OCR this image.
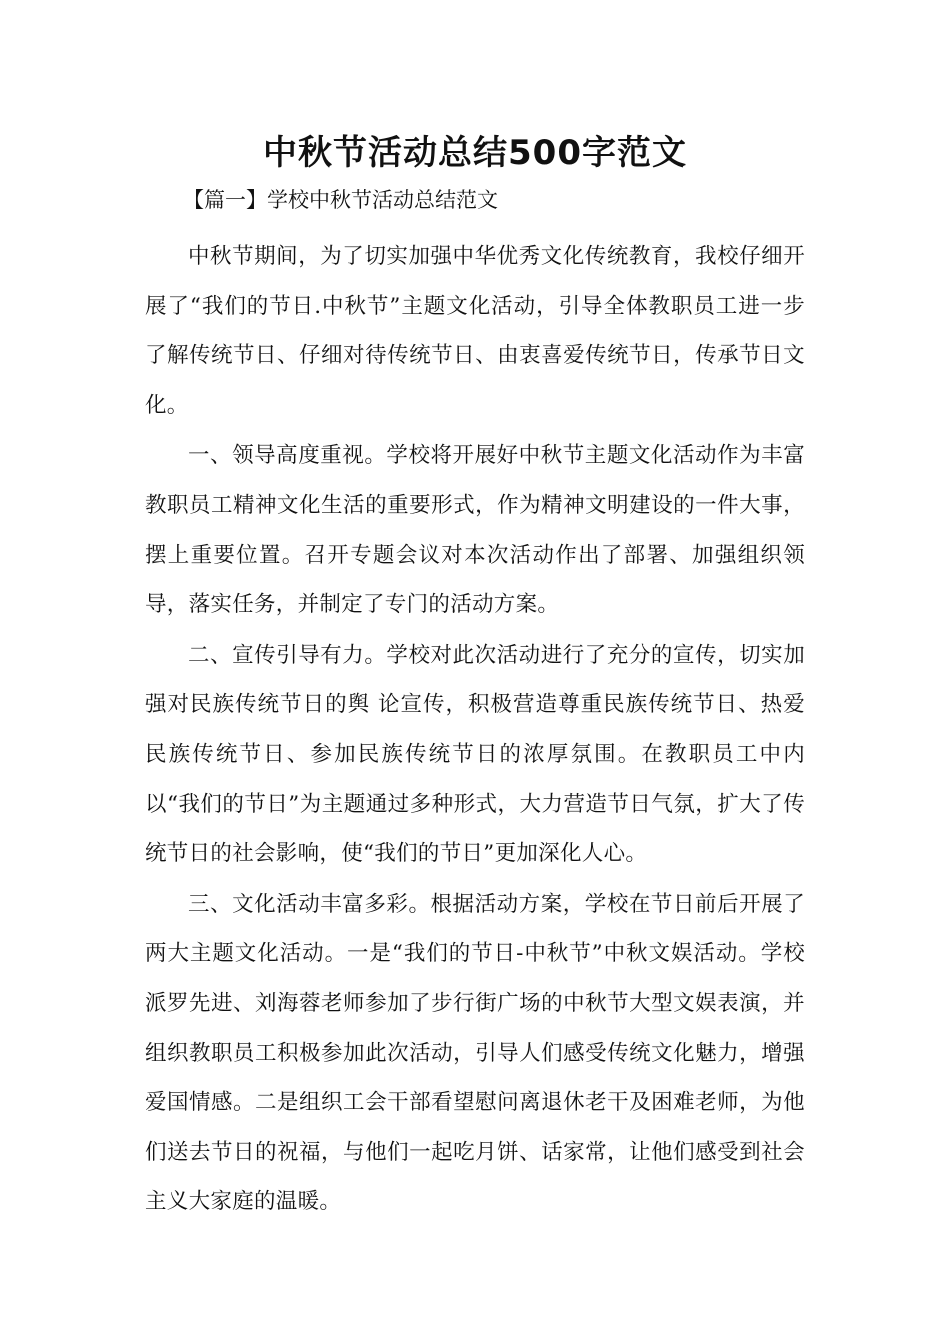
中秋节活动总结500字范文

【篇一】学校中秋节活动总结范文

中秋节期间，为了切实加强中华优秀文化传统教育，我校仔细开展了“我们的节日.中秋节”主题文化活动，引导全体教职员工进一步了解传统节日、仔细对待传统节日、由衷喜爱传统节日，传承节日文化。

一、领导高度重视。学校将开展好中秋节主题文化活动作为丰富教职员工精神文化生活的重要形式，作为精神文明建设的一件大事，摆上重要位置。召开专题会议对本次活动作出了部署、加强组织领导，落实任务，并制定了专门的活动方案。

二、宣传引导有力。学校对此次活动进行了充分的宣传，切实加强对民族传统节日的舆 论宣传，积极营造尊重民族传统节日、热爱民族传统节日、参加民族传统节日的浓厚氛围。在教职员工中内以“我们的节日”为主题通过多种形式，大力营造节日气氛，扩大了传统节日的社会影响，使“我们的节日”更加深化人心。

三、文化活动丰富多彩。根据活动方案，学校在节日前后开展了两大主题文化活动。一是“我们的节日-中秋节”中秋文娱活动。学校派罗先进、刘海蓉老师参加了步行街广场的中秋节大型文娱表演，并组织教职员工积极参加此次活动，引导人们感受传统文化魅力，增强爱国情感。二是组织工会干部看望慰问离退休老干及困难老师，为他们送去节日的祝福，与他们一起吃月饼、话家常，让他们感受到社会主义大家庭的温暖。
